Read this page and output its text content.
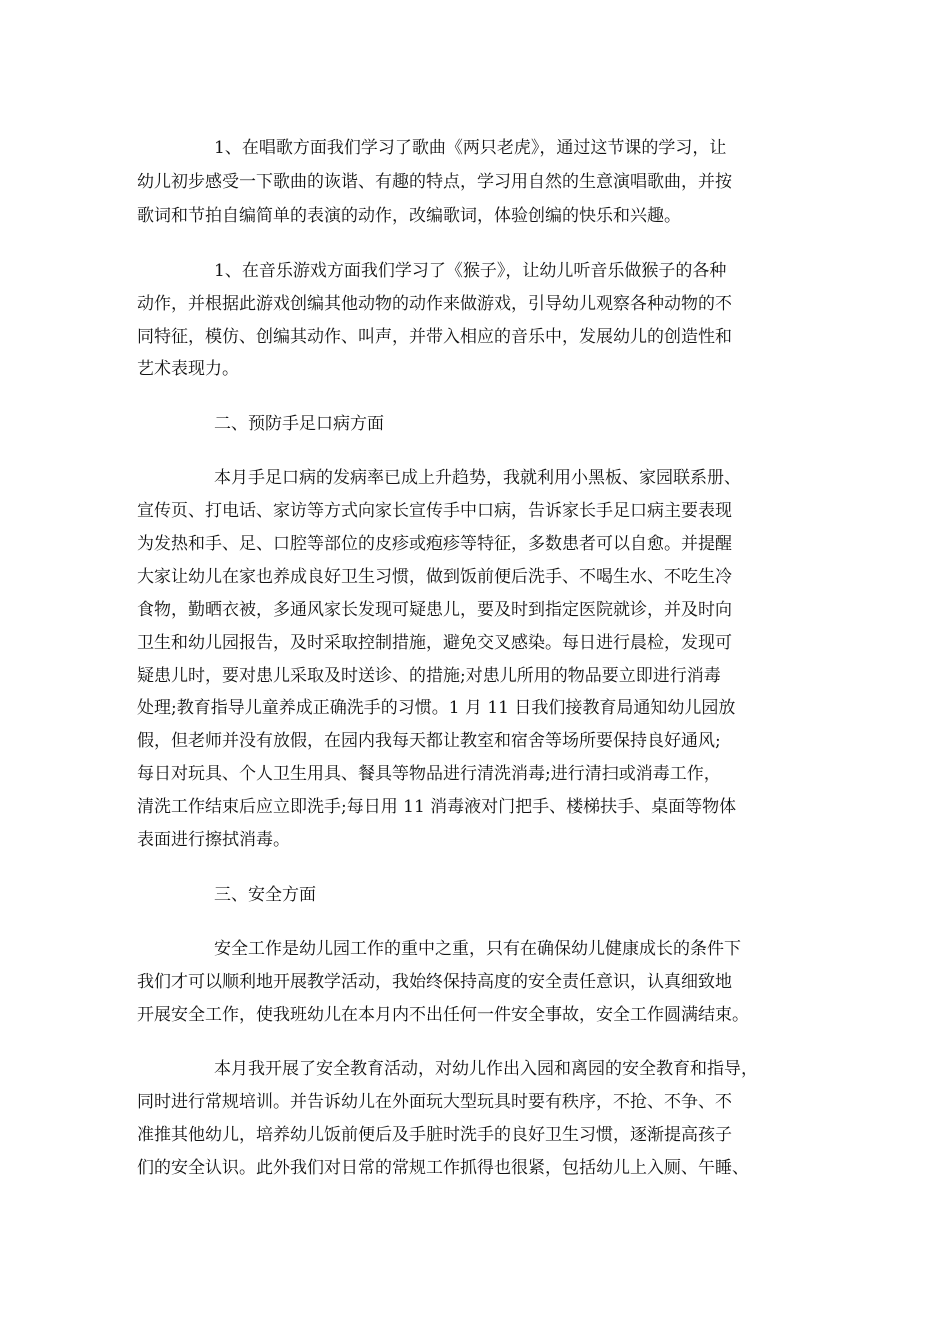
1、在唱歌方面我们学习了歌曲《两只老虎》，通过这节课的学习，让
幼儿初步感受一下歌曲的诙谐、有趣的特点，学习用自然的生意演唱歌曲，并按
歌词和节拍自编简单的表演的动作，改编歌词，体验创编的快乐和兴趣。
1、在音乐游戏方面我们学习了《猴子》，让幼儿听音乐做猴子的各种
动作，并根据此游戏创编其他动物的动作来做游戏，引导幼儿观察各种动物的不
同特征，模仿、创编其动作、叫声，并带入相应的音乐中，发展幼儿的创造性和
艺术表现力。
二、预防手足口病方面
本月手足口病的发病率已成上升趋势，我就利用小黑板、家园联系册、
宣传页、打电话、家访等方式向家长宣传手中口病，告诉家长手足口病主要表现
为发热和手、足、口腔等部位的皮疹或疱疹等特征，多数患者可以自愈。并提醒
大家让幼儿在家也养成良好卫生习惯，做到饭前便后洗手、不喝生水、不吃生冷
食物，勤晒衣被，多通风家长发现可疑患儿，要及时到指定医院就诊，并及时向
卫生和幼儿园报告，及时采取控制措施，避免交叉感染。每日进行晨检，发现可
疑患儿时，要对患儿采取及时送诊、的措施;对患儿所用的物品要立即进行消毒
处理;教育指导儿童养成正确洗手的习惯。1 月 11 日我们接教育局通知幼儿园放
假，但老师并没有放假，在园内我每天都让教室和宿舍等场所要保持良好通风;
每日对玩具、个人卫生用具、餐具等物品进行清洗消毒;进行清扫或消毒工作，
清洗工作结束后应立即洗手;每日用 11 消毒液对门把手、楼梯扶手、桌面等物体
表面进行擦拭消毒。
三、安全方面
安全工作是幼儿园工作的重中之重，只有在确保幼儿健康成长的条件下
我们才可以顺利地开展教学活动，我始终保持高度的安全责任意识，认真细致地
开展安全工作，使我班幼儿在本月内不出任何一件安全事故，安全工作圆满结束。
本月我开展了安全教育活动，对幼儿作出入园和离园的安全教育和指导，
同时进行常规培训。并告诉幼儿在外面玩大型玩具时要有秩序，不抢、不争、不
准推其他幼儿，培养幼儿饭前便后及手脏时洗手的良好卫生习惯，逐渐提高孩子
们的安全认识。此外我们对日常的常规工作抓得也很紧，包括幼儿上入厕、午睡、
